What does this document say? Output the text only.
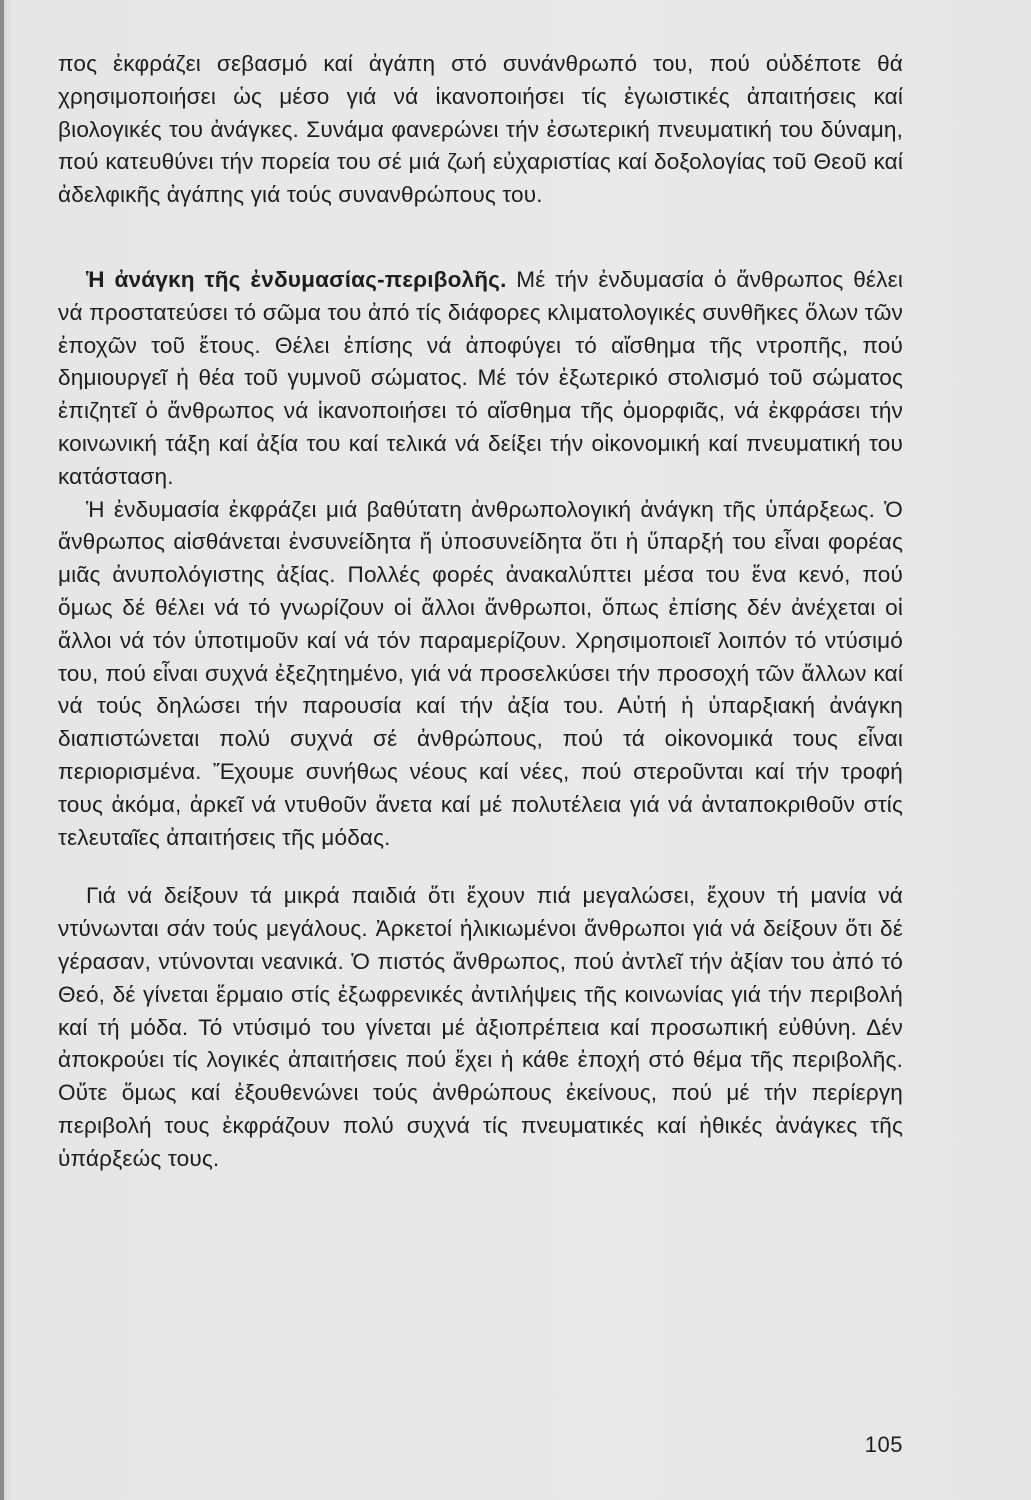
πος ἐκφράζει σεβασμό καί ἀγάπη στό συνάνθρωπό του, πού οὐδέποτε θά χρησιμοποιήσει ὡς μέσο γιά νά ἱκανοποιήσει τίς ἐγωιστικές ἀπαιτήσεις καί βιολογικές του ἀνάγκες. Συνάμα φανερώνει τήν ἐσωτερική πνευματική του δύναμη, πού κατευθύνει τήν πορεία του σέ μιά ζωή εὐχαριστίας καί δοξολογίας τοῦ Θεοῦ καί ἀδελφικῆς ἀγάπης γιά τούς συνανθρώπους του.

Ἡ ἀνάγκη τῆς ἐνδυμασίας-περιβολῆς. Μέ τήν ἐνδυμασία ὁ ἄνθρωπος θέλει νά προστατεύσει τό σῶμα του ἀπό τίς διάφορες κλιματολογικές συνθῆκες ὅλων τῶν ἐποχῶν τοῦ ἔτους. Θέλει ἐπίσης νά ἀποφύγει τό αἴσθημα τῆς ντροπῆς, πού δημιουργεῖ ἡ θέα τοῦ γυμνοῦ σώματος. Μέ τόν ἐξωτερικό στολισμό τοῦ σώματος ἐπιζητεῖ ὁ ἄνθρωπος νά ἱκανοποιήσει τό αἴσθημα τῆς ὀμορφιᾶς, νά ἐκφράσει τήν κοινωνική τάξη καί ἀξία του καί τελικά νά δείξει τήν οἰκονομική καί πνευματική του κατάσταση.

Ἡ ἐνδυμασία ἐκφράζει μιά βαθύτατη ἀνθρωπολογική ἀνάγκη τῆς ὑπάρξεως. Ὁ ἄνθρωπος αἰσθάνεται ἐνσυνείδητα ἤ ὑποσυνείδητα ὅτι ἡ ὕπαρξή του εἶναι φορέας μιᾶς ἀνυπολόγιστης ἀξίας. Πολλές φορές ἀνακαλύπτει μέσα του ἕνα κενό, πού ὅμως δέ θέλει νά τό γνωρίζουν οἱ ἄλλοι ἄνθρωποι, ὅπως ἐπίσης δέν ἀνέχεται οἱ ἄλλοι νά τόν ὑποτιμοῦν καί νά τόν παραμερίζουν. Χρησιμοποιεῖ λοιπόν τό ντύσιμό του, πού εἶναι συχνά ἐξεζητημένο, γιά νά προσελκύσει τήν προσοχή τῶν ἄλλων καί νά τούς δηλώσει τήν παρουσία καί τήν ἀξία του. Αὐτή ἡ ὑπαρξιακή ἀνάγκη διαπιστώνεται πολύ συχνά σέ ἀνθρώπους, πού τά οἰκονομικά τους εἶναι περιορισμένα. Ἔχουμε συνήθως νέους καί νέες, πού στεροῦνται καί τήν τροφή τους ἀκόμα, ἀρκεῖ νά ντυθοῦν ἄνετα καί μέ πολυτέλεια γιά νά ἀνταποκριθοῦν στίς τελευταῖες ἀπαιτήσεις τῆς μόδας.

Γιά νά δείξουν τά μικρά παιδιά ὅτι ἔχουν πιά μεγαλώσει, ἔχουν τή μανία νά ντύνωνται σάν τούς μεγάλους. Ἀρκετοί ἡλικιωμένοι ἄνθρωποι γιά νά δείξουν ὅτι δέ γέρασαν, ντύνονται νεανικά. Ὁ πιστός ἄνθρωπος, πού ἀντλεῖ τήν ἀξίαν του ἀπό τό Θεό, δέ γίνεται ἕρμαιο στίς ἐξωφρενικές ἀντιλήψεις τῆς κοινωνίας γιά τήν περιβολή καί τή μόδα. Τό ντύσιμό του γίνεται μέ ἀξιοπρέπεια καί προσωπική εὐθύνη. Δέν ἀποκρούει τίς λογικές ἀπαιτήσεις πού ἔχει ἡ κάθε ἐποχή στό θέμα τῆς περιβολῆς. Οὔτε ὅμως καί ἐξουθενώνει τούς ἀνθρώπους ἐκείνους, πού μέ τήν περίεργη περιβολή τους ἐκφράζουν πολύ συχνά τίς πνευματικές καί ἠθικές ἀνάγκες τῆς ὑπάρξεώς τους.

105
